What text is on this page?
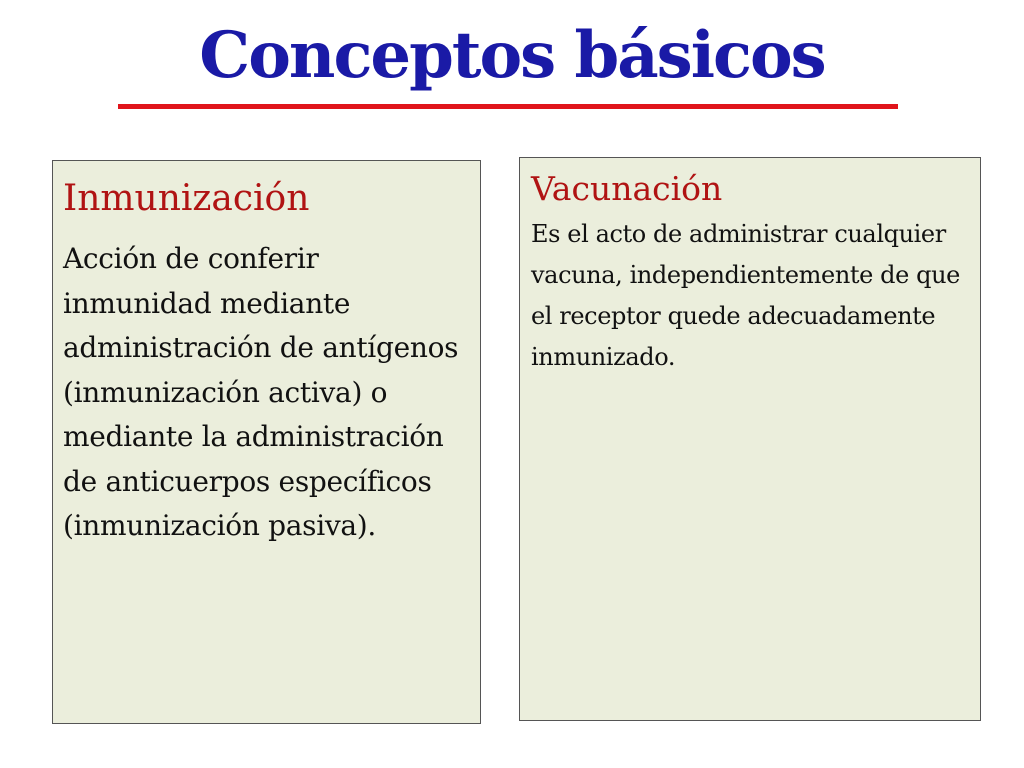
Conceptos básicos
Inmunización

Acción de conferir inmunidad mediante administración de antígenos (inmunización activa) o mediante la administración de anticuerpos específicos (inmunización pasiva).

Vacunación

Es el acto de administrar cualquier vacuna, independientemente de que el receptor quede adecuadamente inmunizado.
